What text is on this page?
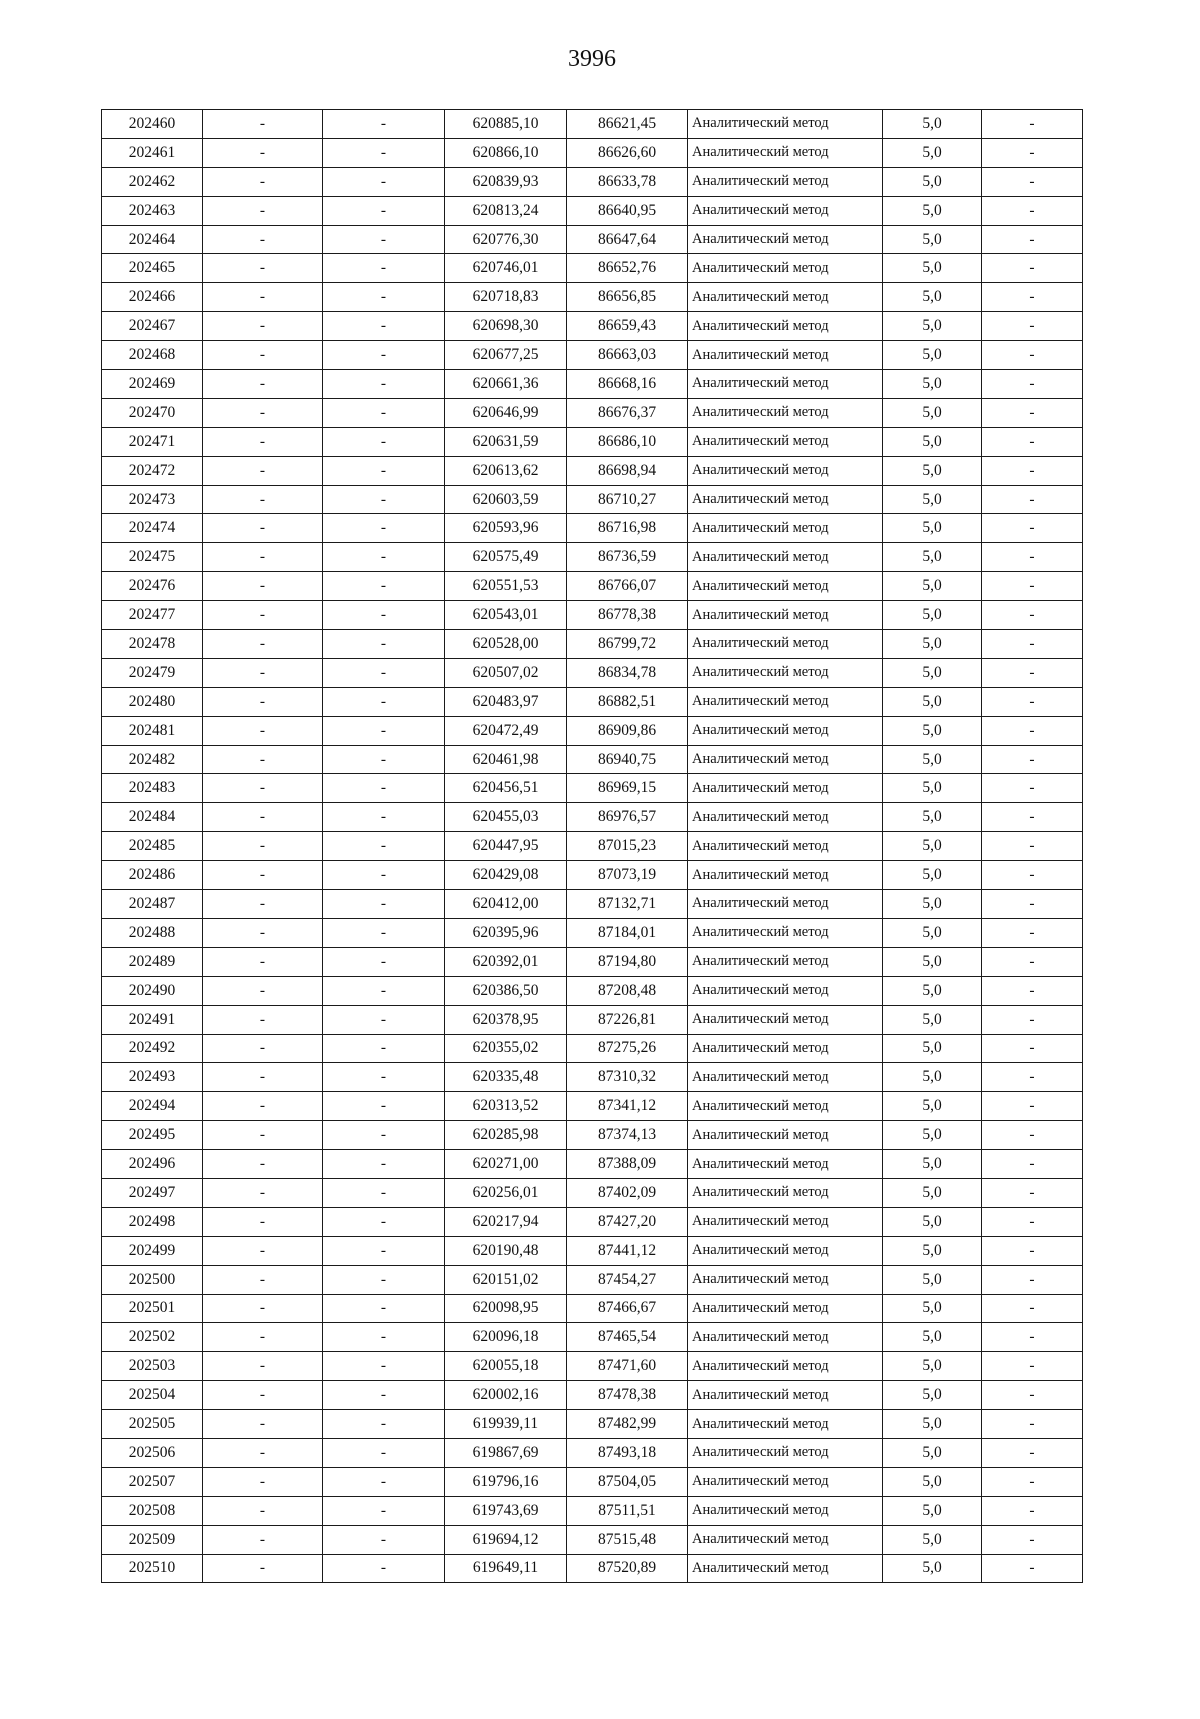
3996
202460	-	-	620885,10	86621,45	Аналитический метод	5,0	-
202461	-	-	620866,10	86626,60	Аналитический метод	5,0	-
202462	-	-	620839,93	86633,78	Аналитический метод	5,0	-
202463	-	-	620813,24	86640,95	Аналитический метод	5,0	-
202464	-	-	620776,30	86647,64	Аналитический метод	5,0	-
202465	-	-	620746,01	86652,76	Аналитический метод	5,0	-
202466	-	-	620718,83	86656,85	Аналитический метод	5,0	-
202467	-	-	620698,30	86659,43	Аналитический метод	5,0	-
202468	-	-	620677,25	86663,03	Аналитический метод	5,0	-
202469	-	-	620661,36	86668,16	Аналитический метод	5,0	-
202470	-	-	620646,99	86676,37	Аналитический метод	5,0	-
202471	-	-	620631,59	86686,10	Аналитический метод	5,0	-
202472	-	-	620613,62	86698,94	Аналитический метод	5,0	-
202473	-	-	620603,59	86710,27	Аналитический метод	5,0	-
202474	-	-	620593,96	86716,98	Аналитический метод	5,0	-
202475	-	-	620575,49	86736,59	Аналитический метод	5,0	-
202476	-	-	620551,53	86766,07	Аналитический метод	5,0	-
202477	-	-	620543,01	86778,38	Аналитический метод	5,0	-
202478	-	-	620528,00	86799,72	Аналитический метод	5,0	-
202479	-	-	620507,02	86834,78	Аналитический метод	5,0	-
202480	-	-	620483,97	86882,51	Аналитический метод	5,0	-
202481	-	-	620472,49	86909,86	Аналитический метод	5,0	-
202482	-	-	620461,98	86940,75	Аналитический метод	5,0	-
202483	-	-	620456,51	86969,15	Аналитический метод	5,0	-
202484	-	-	620455,03	86976,57	Аналитический метод	5,0	-
202485	-	-	620447,95	87015,23	Аналитический метод	5,0	-
202486	-	-	620429,08	87073,19	Аналитический метод	5,0	-
202487	-	-	620412,00	87132,71	Аналитический метод	5,0	-
202488	-	-	620395,96	87184,01	Аналитический метод	5,0	-
202489	-	-	620392,01	87194,80	Аналитический метод	5,0	-
202490	-	-	620386,50	87208,48	Аналитический метод	5,0	-
202491	-	-	620378,95	87226,81	Аналитический метод	5,0	-
202492	-	-	620355,02	87275,26	Аналитический метод	5,0	-
202493	-	-	620335,48	87310,32	Аналитический метод	5,0	-
202494	-	-	620313,52	87341,12	Аналитический метод	5,0	-
202495	-	-	620285,98	87374,13	Аналитический метод	5,0	-
202496	-	-	620271,00	87388,09	Аналитический метод	5,0	-
202497	-	-	620256,01	87402,09	Аналитический метод	5,0	-
202498	-	-	620217,94	87427,20	Аналитический метод	5,0	-
202499	-	-	620190,48	87441,12	Аналитический метод	5,0	-
202500	-	-	620151,02	87454,27	Аналитический метод	5,0	-
202501	-	-	620098,95	87466,67	Аналитический метод	5,0	-
202502	-	-	620096,18	87465,54	Аналитический метод	5,0	-
202503	-	-	620055,18	87471,60	Аналитический метод	5,0	-
202504	-	-	620002,16	87478,38	Аналитический метод	5,0	-
202505	-	-	619939,11	87482,99	Аналитический метод	5,0	-
202506	-	-	619867,69	87493,18	Аналитический метод	5,0	-
202507	-	-	619796,16	87504,05	Аналитический метод	5,0	-
202508	-	-	619743,69	87511,51	Аналитический метод	5,0	-
202509	-	-	619694,12	87515,48	Аналитический метод	5,0	-
202510	-	-	619649,11	87520,89	Аналитический метод	5,0	-
